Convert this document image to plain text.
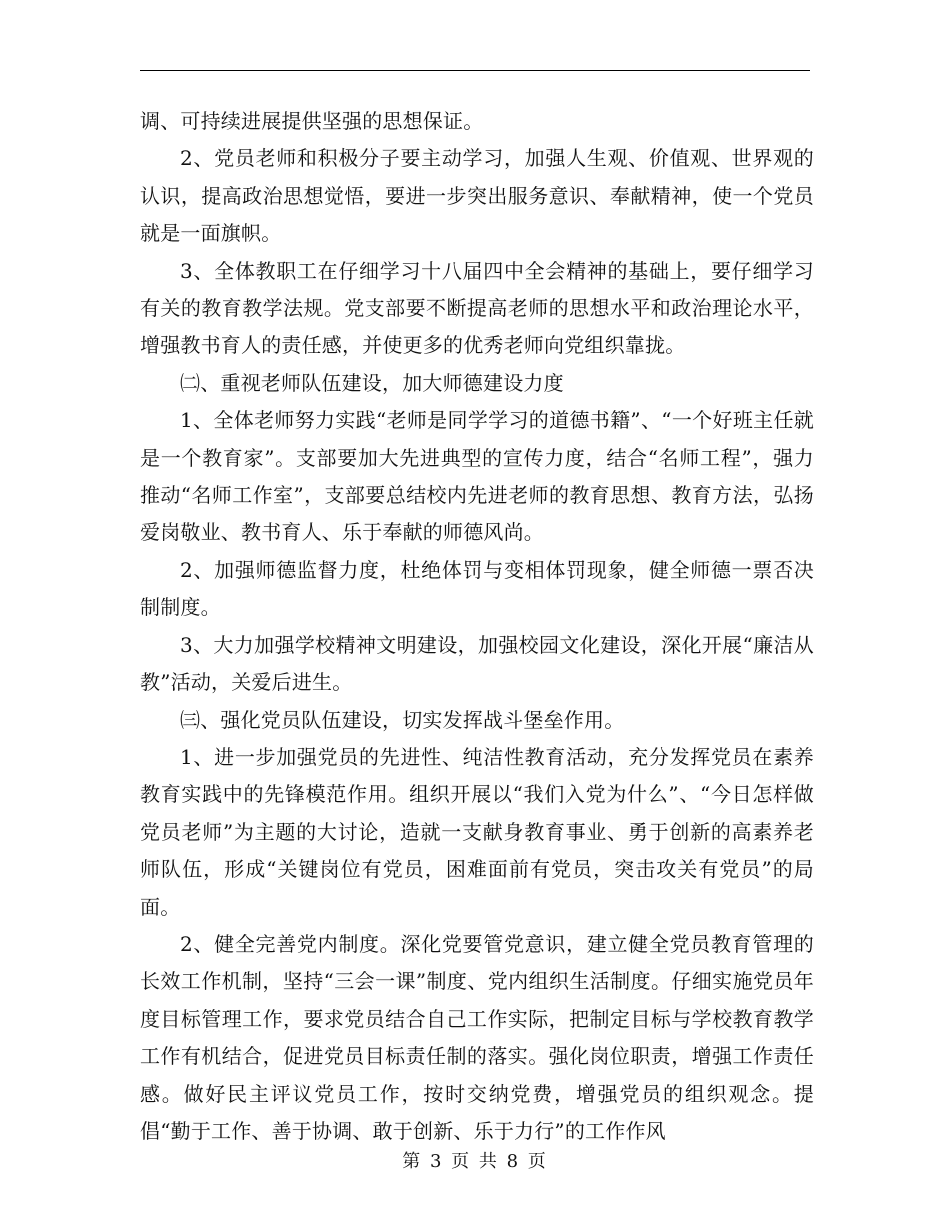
调、可持续进展提供坚强的思想保证。

2、党员老师和积极分子要主动学习，加强人生观、价值观、世界观的认识，提高政治思想觉悟，要进一步突出服务意识、奉献精神，使一个党员就是一面旗帜。

3、全体教职工在仔细学习十八届四中全会精神的基础上，要仔细学习有关的教育教学法规。党支部要不断提高老师的思想水平和政治理论水平，增强教书育人的责任感，并使更多的优秀老师向党组织靠拢。

㈡、重视老师队伍建设，加大师德建设力度

1、全体老师努力实践“老师是同学学习的道德书籍”、“一个好班主任就是一个教育家”。支部要加大先进典型的宣传力度，结合“名师工程”，强力推动“名师工作室”，支部要总结校内先进老师的教育思想、教育方法，弘扬爱岗敬业、教书育人、乐于奉献的师德风尚。

2、加强师德监督力度，杜绝体罚与变相体罚现象，健全师德一票否决制制度。

3、大力加强学校精神文明建设，加强校园文化建设，深化开展“廉洁从教”活动，关爱后进生。

㈢、强化党员队伍建设，切实发挥战斗堡垒作用。

1、进一步加强党员的先进性、纯洁性教育活动，充分发挥党员在素养教育实践中的先锋模范作用。组织开展以“我们入党为什么”、“今日怎样做党员老师”为主题的大讨论，造就一支献身教育事业、勇于创新的高素养老师队伍，形成“关键岗位有党员，困难面前有党员，突击攻关有党员”的局面。

2、健全完善党内制度。深化党要管党意识，建立健全党员教育管理的长效工作机制，坚持“三会一课”制度、党内组织生活制度。仔细实施党员年度目标管理工作，要求党员结合自己工作实际，把制定目标与学校教育教学工作有机结合，促进党员目标责任制的落实。强化岗位职责，增强工作责任感。做好民主评议党员工作，按时交纳党费，增强党员的组织观念。提倡“勤于工作、善于协调、敢于创新、乐于力行”的工作作风

第 3 页 共 8 页
